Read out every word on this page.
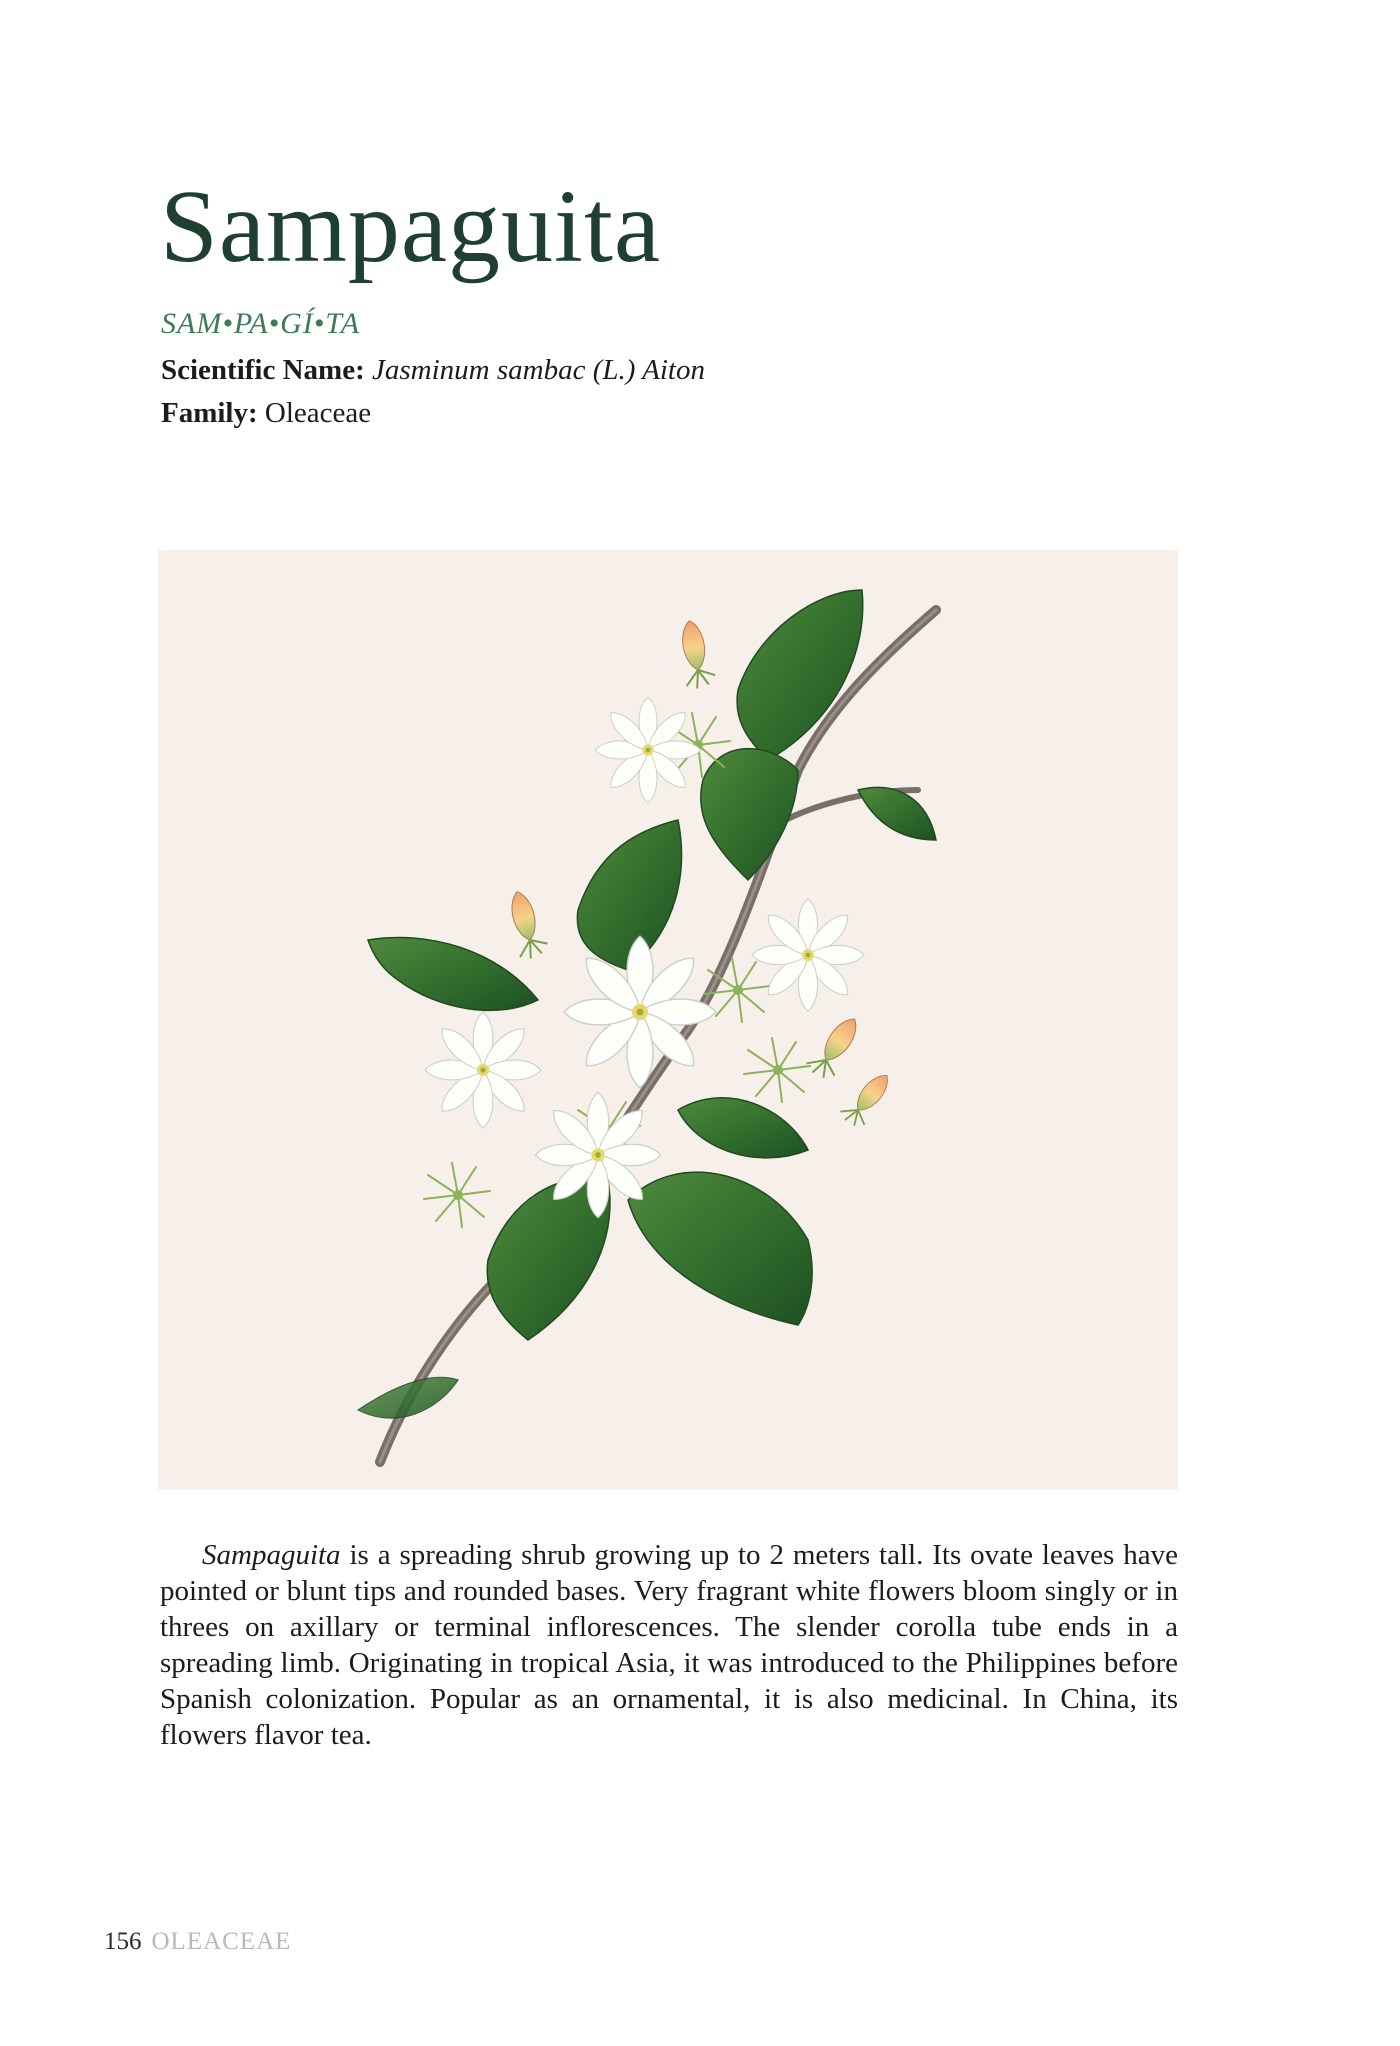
Sampaguita
SAM•PA•GÍ•TA
Scientific Name: Jasminum sambac (L.) Aiton
Family: Oleaceae

Sampaguita is a spreading shrub growing up to 2 meters tall. Its ovate leaves have pointed or blunt tips and rounded bases. Very fragrant white flowers bloom singly or in threes on axillary or terminal inflorescences. The slender corolla tube ends in a spreading limb. Originating in tropical Asia, it was introduced to the Philippines before Spanish colonization. Popular as an ornamental, it is also medicinal. In China, its flowers flavor tea.

156 OLEACEAE
